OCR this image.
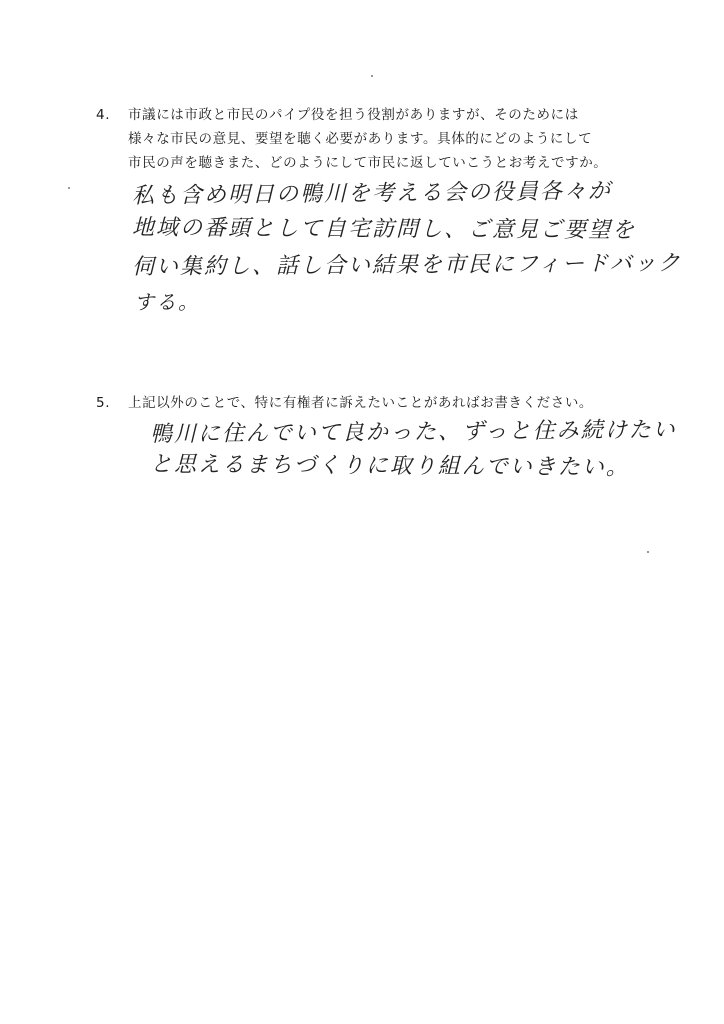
4. 市議には市政と市民のパイプ役を担う役割がありますが、そのためには
様々な市民の意見、要望を聴く必要があります。具体的にどのようにして
市民の声を聴きまた、どのようにして市民に返していこうとお考えですか。
私も含め明日の鴨川を考える会の役員各々が
地域の番頭として自宅訪問し、ご意見ご要望を
伺い集約し、話し合い結果を市民にフィードバック
する。
5. 上記以外のことで、特に有権者に訴えたいことがあればお書きください。
鴨川に住んでいて良かった、ずっと住み続けたい
と思えるまちづくりに取り組んでいきたい。
